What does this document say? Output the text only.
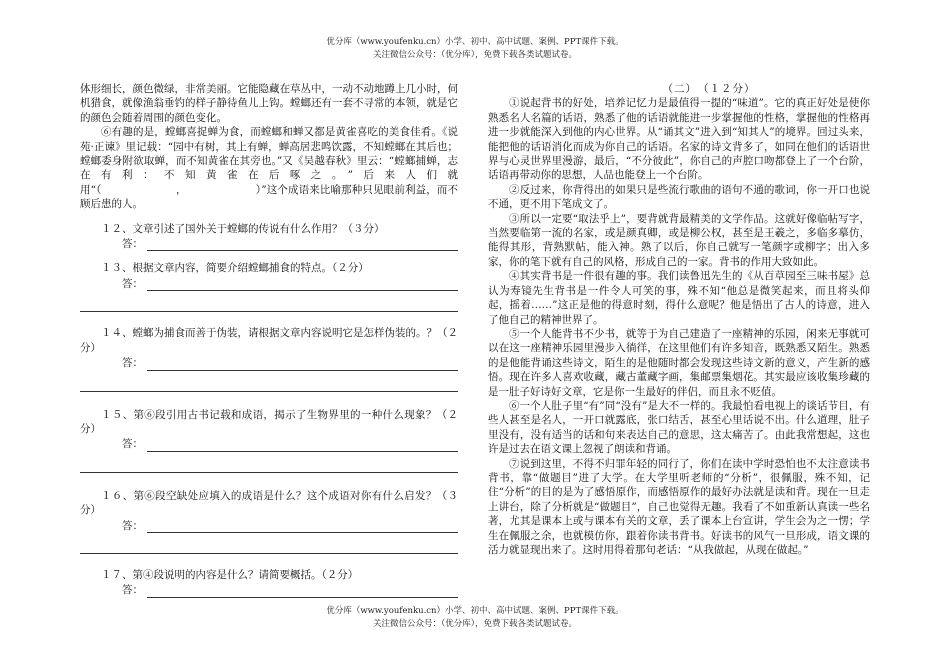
优分库（www.youfenku.cn）小学、初中、高中试题、案例、PPT课件下载。
关注微信公众号：（优分库），免费下载各类试题试卷。

体形细长，颜色微绿，非常美丽。它能隐藏在草丛中，一动不动地蹲上几小时，伺机猎食，就像渔翁垂钓的样子静待鱼儿上钩。螳螂还有一套不寻常的本领，就是它的颜色会随着周围的颜色变化。

⑥有趣的是，螳螂喜捉蝉为食，而螳螂和蝉又都是黄雀喜吃的美食佳肴。《说苑·正谏》里记载：“园中有树，其上有蝉，蝉高居悲鸣饮露，不知螳螂在其后也；螳螂委身附欲取蝉，而不知黄雀在其旁也。”又《吴越春秋》里云：“螳螂捕蝉，志在有利：不知黄雀在后啄之。”后来人们就用“（　　　　　　　，　　　　　　　）”这个成语来比喻那种只见眼前利益，而不顾后患的人。

１２、文章引述了国外关于螳螂的传说有什么作用？（３分）

答：

１３、根据文章内容，简要介绍螳螂捕食的特点。（２分）

答：

１４、螳螂为捕食而善于伪装，请根据文章内容说明它是怎样伪装的。？（２分）

答：

１５、第⑥段引用古书记载和成语，揭示了生物界里的一种什么现象？（２分）

答：

１６、第⑥段空缺处应填入的成语是什么？这个成语对你有什么启发？（３分）

答：

１７、第④段说明的内容是什么？请简要概括。（２分）

答：

（二）　（１２分）

①说起背书的好处，培养记忆力是最值得一提的“味道”。它的真正好处是使你熟悉名人名篇的话语，熟悉了他的话语就能进一步掌握他的性格，掌握他的性格再进一步就能深入到他的内心世界。从“诵其文”进入到“知其人”的境界。回过头来，能把他的话语消化而成为你自己的话语。名家的诗文背多了，如同在他们的话语世界与心灵世界里漫游，最后，“不分彼此”，你自己的声腔口吻都登上了一个台阶，话语再带动你的思想，人品也能登上一个台阶。

②反过来，你背得出的如果只是些流行歌曲的语句不通的歌词，你一开口也说不通，更不用下笔成文了。

③所以一定要“取法乎上”，要背就背最精美的文学作品。这就好像临帖写字，当然要临第一流的名家，或是颜真卿，或是柳公权，甚至是王羲之，多临多摹仿，能得其形，背熟默帖，能入神。熟了以后，你自己就写一笔颜字或柳字；出入多家，你的笔下就有自己的风格，形成自己的一家。背书的作用大致如此。

④其实背书是一件很有趣的事。我们读鲁迅先生的《从百草园至三味书屋》总认为寿镜先生背书是一件令人可笑的事，殊不知“他总是微笑起来，而且将头仰起，摇着……”这正是他的得意时刻，得什么意呢？他是悟出了古人的诗意，进入了他自己的精神世界了。

⑤一个人能背书不少书，就等于为自己建造了一座精神的乐园，闲来无事就可以在这一座精神乐园里漫步入徜徉，在这里他们有许多知音，既熟悉又陌生。熟悉的是他能背诵这些诗文，陌生的是他随时都会发现这些诗文新的意义，产生新的感悟。现在许多人喜欢收藏，藏古董藏字画，集邮票集烟花。其实最应该收集珍藏的是一肚子好诗好文章，它是你一生最好的伴侣，而且永不贬值。

⑥一个人肚子里“有”同“没有”是大不一样的。我最怕看电视上的谈话节目，有些人甚至是名人，一开口就露底，张口结舌，甚至心里话说不出。什么道理，肚子里没有，没有适当的话和句来表达自己的意思，这太痛苦了。由此我常想起，这也许是过去在语文课上忽视了朗读和背诵。

⑦说到这里，不得不归罪年轻的同行了，你们在读中学时恐怕也不太注意读书背书，靠“做题目”进了大学。在大学里听老师的“分析”，很佩服，殊不知，记住“分析”的目的是为了感悟原作，而感悟原作的最好办法就是读和背。现在一旦走上讲台，除了分析就是“做题目”，自己也觉得无趣。我看了不如重新认真读一些名著，尤其是课本上或与课本有关的文章，丢了课本上台宣讲，学生会为之一愣；学生在佩服之余，也就模仿你，跟着你读书背书。好读书的风气一旦形成，语文课的活力就显现出来了。这时用得着那句老话：“从我做起，从现在做起。”

优分库（www.youfenku.cn）小学、初中、高中试题、案例、PPT课件下载。
关注微信公众号：（优分库），免费下载各类试题试卷。
